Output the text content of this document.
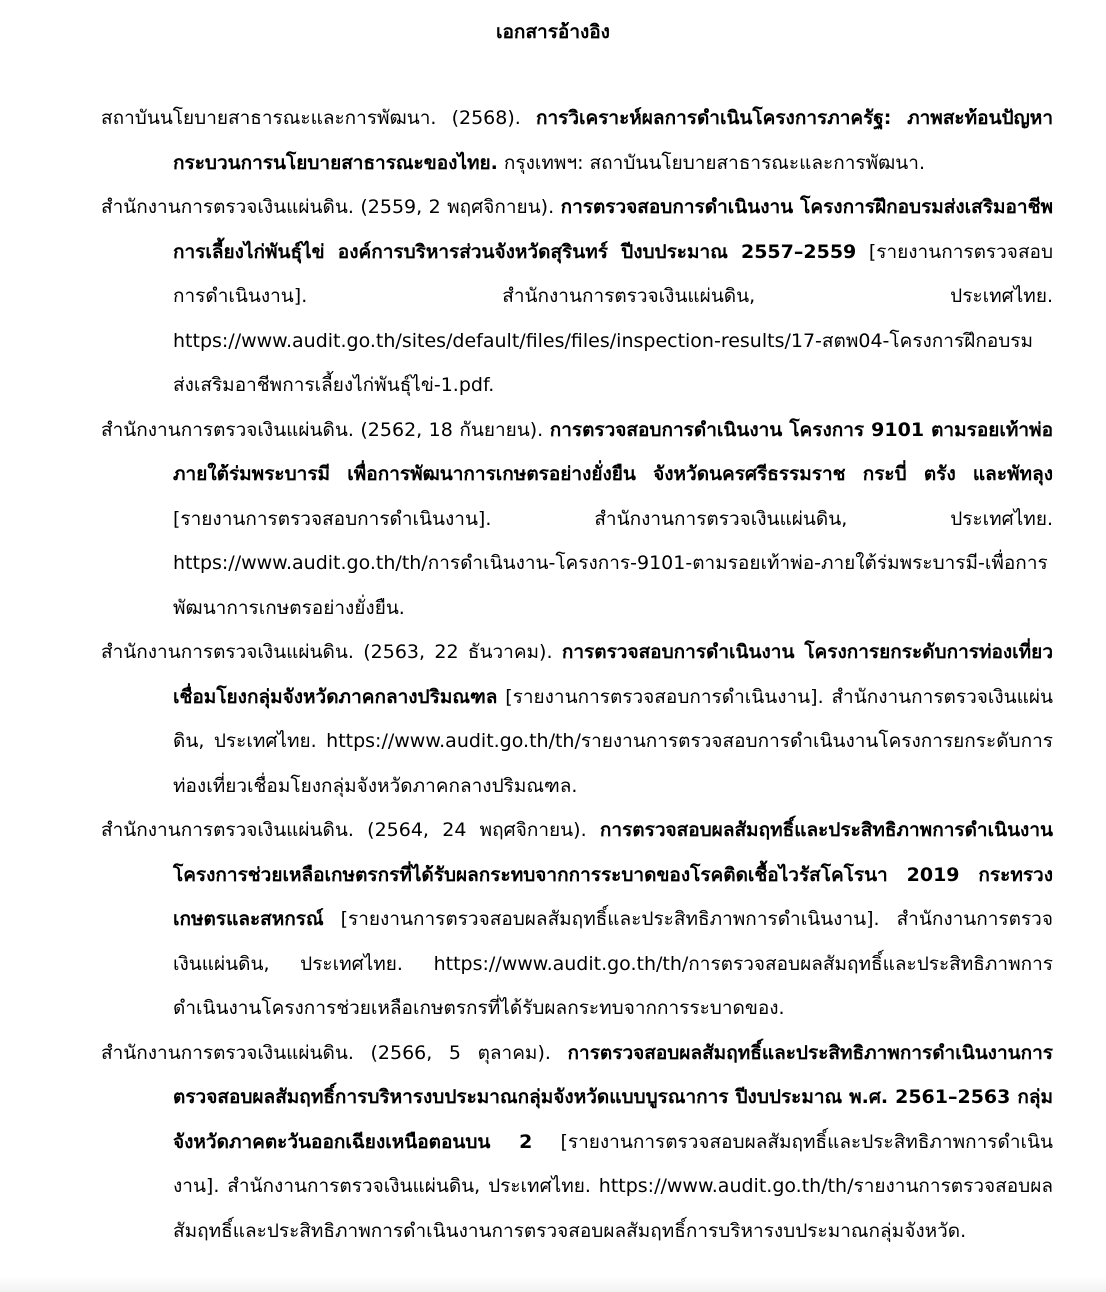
เอกสารอ้างอิง

สถาบันนโยบายสาธารณะและการพัฒนา. (2568). การวิเคราะห์ผลการดำเนินโครงการภาครัฐ: ภาพสะท้อนปัญหากระบวนการนโยบายสาธารณะของไทย. กรุงเทพฯ: สถาบันนโยบายสาธารณะและการพัฒนา.

สำนักงานการตรวจเงินแผ่นดิน. (2559, 2 พฤศจิกายน). การตรวจสอบการดำเนินงาน โครงการฝึกอบรมส่งเสริมอาชีพการเลี้ยงไก่พันธุ์ไข่ องค์การบริหารส่วนจังหวัดสุรินทร์ ปีงบประมาณ 2557–2559 [รายงานการตรวจสอบการดำเนินงาน]. สำนักงานการตรวจเงินแผ่นดิน, ประเทศไทย. https://www.audit.go.th/sites/default/files/files/inspection-results/17-สตพ04-โครงการฝึกอบรมส่งเสริมอาชีพการเลี้ยงไก่พันธุ์ไข่-1.pdf.

สำนักงานการตรวจเงินแผ่นดิน. (2562, 18 กันยายน). การตรวจสอบการดำเนินงาน โครงการ 9101 ตามรอยเท้าพ่อ ภายใต้ร่มพระบารมี เพื่อการพัฒนาการเกษตรอย่างยั่งยืน จังหวัดนครศรีธรรมราช กระบี่ ตรัง และพัทลุง [รายงานการตรวจสอบการดำเนินงาน]. สำนักงานการตรวจเงินแผ่นดิน, ประเทศไทย. https://www.audit.go.th/th/การดำเนินงาน-โครงการ-9101-ตามรอยเท้าพ่อ-ภายใต้ร่มพระบารมี-เพื่อการพัฒนาการเกษตรอย่างยั่งยืน.

สำนักงานการตรวจเงินแผ่นดิน. (2563, 22 ธันวาคม). การตรวจสอบการดำเนินงาน โครงการยกระดับการท่องเที่ยวเชื่อมโยงกลุ่มจังหวัดภาคกลางปริมณฑล [รายงานการตรวจสอบการดำเนินงาน]. สำนักงานการตรวจเงินแผ่นดิน, ประเทศไทย. https://www.audit.go.th/th/รายงานการตรวจสอบการดำเนินงานโครงการยกระดับการท่องเที่ยวเชื่อมโยงกลุ่มจังหวัดภาคกลางปริมณฑล.

สำนักงานการตรวจเงินแผ่นดิน. (2564, 24 พฤศจิกายน). การตรวจสอบผลสัมฤทธิ์และประสิทธิภาพการดำเนินงาน โครงการช่วยเหลือเกษตรกรที่ได้รับผลกระทบจากการระบาดของโรคติดเชื้อไวรัสโคโรนา 2019 กระทรวงเกษตรและสหกรณ์ [รายงานการตรวจสอบผลสัมฤทธิ์และประสิทธิภาพการดำเนินงาน]. สำนักงานการตรวจเงินแผ่นดิน, ประเทศไทย. https://www.audit.go.th/th/การตรวจสอบผลสัมฤทธิ์และประสิทธิภาพการดำเนินงานโครงการช่วยเหลือเกษตรกรที่ได้รับผลกระทบจากการระบาดของ.

สำนักงานการตรวจเงินแผ่นดิน. (2566, 5 ตุลาคม). การตรวจสอบผลสัมฤทธิ์และประสิทธิภาพการดำเนินงานการตรวจสอบผลสัมฤทธิ์การบริหารงบประมาณกลุ่มจังหวัดแบบบูรณาการ ปีงบประมาณ พ.ศ. 2561–2563 กลุ่มจังหวัดภาคตะวันออกเฉียงเหนือตอนบน 2 [รายงานการตรวจสอบผลสัมฤทธิ์และประสิทธิภาพการดำเนินงาน]. สำนักงานการตรวจเงินแผ่นดิน, ประเทศไทย. https://www.audit.go.th/th/รายงานการตรวจสอบผลสัมฤทธิ์และประสิทธิภาพการดำเนินงานการตรวจสอบผลสัมฤทธิ์การบริหารงบประมาณกลุ่มจังหวัด.
